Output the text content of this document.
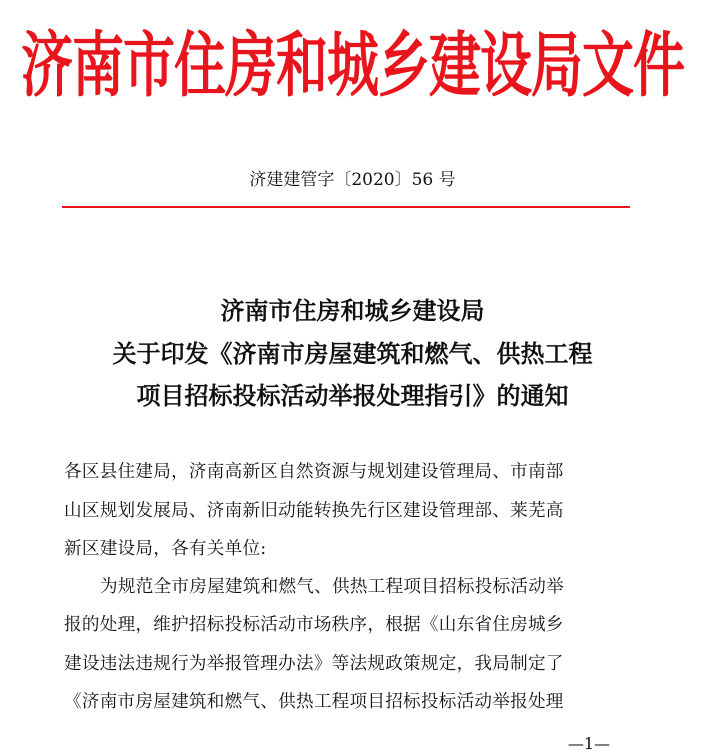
济南市住房和城乡建设局文件
济建建管字〔2020〕56 号
济南市住房和城乡建设局
关于印发《济南市房屋建筑和燃气、供热工程
项目招标投标活动举报处理指引》的通知
各区县住建局，济南高新区自然资源与规划建设管理局、市南部
山区规划发展局、济南新旧动能转换先行区建设管理部、莱芜高
新区建设局，各有关单位:
为规范全市房屋建筑和燃气、供热工程项目招标投标活动举
报的处理，维护招标投标活动市场秩序，根据《山东省住房城乡
建设违法违规行为举报管理办法》等法规政策规定，我局制定了
《济南市房屋建筑和燃气、供热工程项目招标投标活动举报处理
—1—
